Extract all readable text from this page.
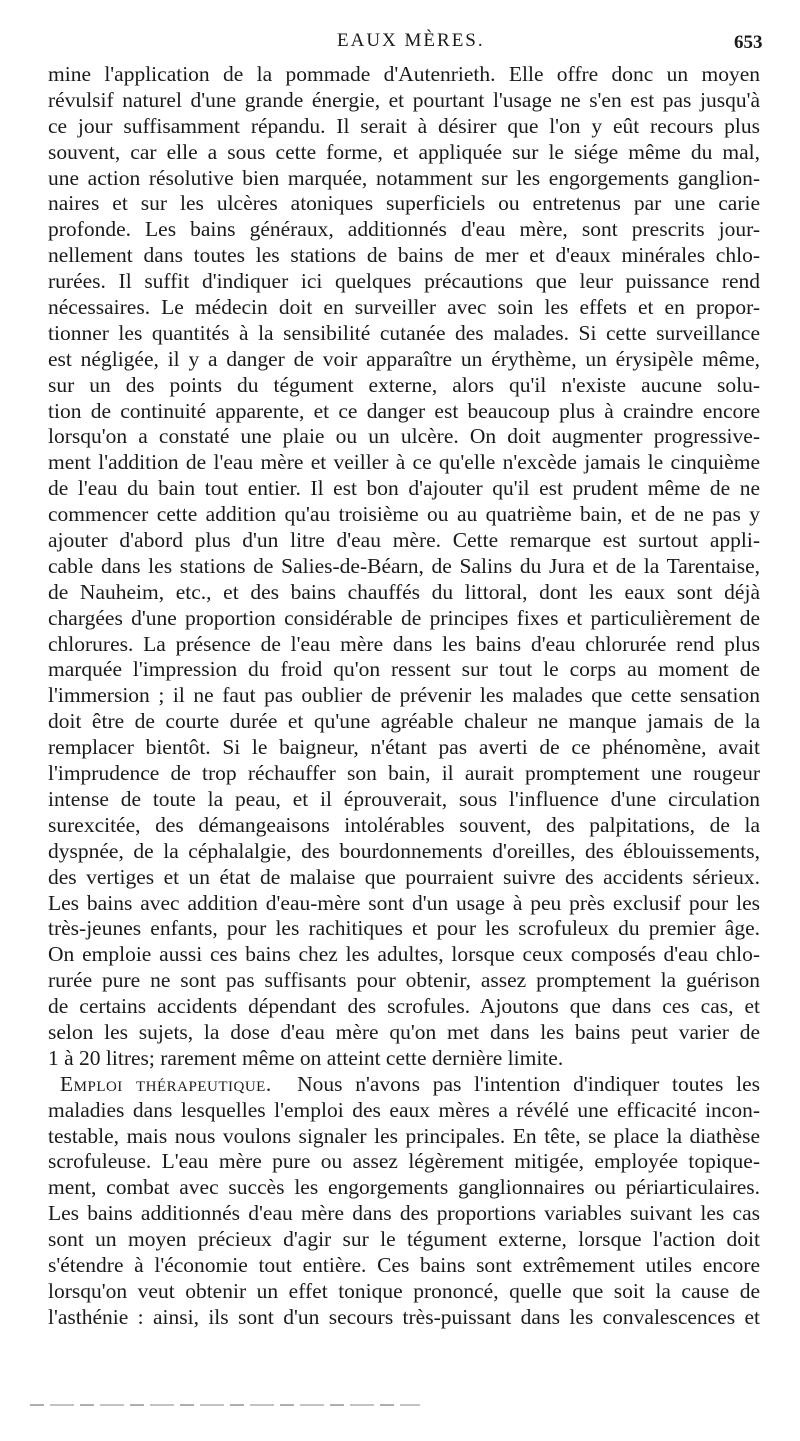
EAUX MÈRES.	653
mine l'application de la pommade d'Autenrieth. Elle offre donc un moyen
révulsif naturel d'une grande énergie, et pourtant l'usage ne s'en est pas jusqu'à
ce jour suffisamment répandu. Il serait à désirer que l'on y eût recours plus
souvent, car elle a sous cette forme, et appliquée sur le siége même du mal,
une action résolutive bien marquée, notamment sur les engorgements ganglion-
naires et sur les ulcères atoniques superficiels ou entretenus par une carie
profonde. Les bains généraux, additionnés d'eau mère, sont prescrits jour-
nellement dans toutes les stations de bains de mer et d'eaux minérales chlo-
rurées. Il suffit d'indiquer ici quelques précautions que leur puissance rend
nécessaires. Le médecin doit en surveiller avec soin les effets et en propor-
tionner les quantités à la sensibilité cutanée des malades. Si cette surveillance
est négligée, il y a danger de voir apparaître un érythème, un érysipèle même,
sur un des points du tégument externe, alors qu'il n'existe aucune solu-
tion de continuité apparente, et ce danger est beaucoup plus à craindre encore
lorsqu'on a constaté une plaie ou un ulcère. On doit augmenter progressive-
ment l'addition de l'eau mère et veiller à ce qu'elle n'excède jamais le cinquième
de l'eau du bain tout entier. Il est bon d'ajouter qu'il est prudent même de ne
commencer cette addition qu'au troisième ou au quatrième bain, et de ne pas y
ajouter d'abord plus d'un litre d'eau mère. Cette remarque est surtout appli-
cable dans les stations de Salies-de-Béarn, de Salins du Jura et de la Tarentaise,
de Nauheim, etc., et des bains chauffés du littoral, dont les eaux sont déjà
chargées d'une proportion considérable de principes fixes et particulièrement de
chlorures. La présence de l'eau mère dans les bains d'eau chlorurée rend plus
marquée l'impression du froid qu'on ressent sur tout le corps au moment de
l'immersion ; il ne faut pas oublier de prévenir les malades que cette sensation
doit être de courte durée et qu'une agréable chaleur ne manque jamais de la
remplacer bientôt. Si le baigneur, n'étant pas averti de ce phénomène, avait
l'imprudence de trop réchauffer son bain, il aurait promptement une rougeur
intense de toute la peau, et il éprouverait, sous l'influence d'une circulation
surexcitée, des démangeaisons intolérables souvent, des palpitations, de la
dyspnée, de la céphalalgie, des bourdonnements d'oreilles, des éblouissements,
des vertiges et un état de malaise que pourraient suivre des accidents sérieux.
Les bains avec addition d'eau-mère sont d'un usage à peu près exclusif pour les
très-jeunes enfants, pour les rachitiques et pour les scrofuleux du premier âge.
On emploie aussi ces bains chez les adultes, lorsque ceux composés d'eau chlo-
rurée pure ne sont pas suffisants pour obtenir, assez promptement la guérison
de certains accidents dépendant des scrofules. Ajoutons que dans ces cas, et
selon les sujets, la dose d'eau mère qu'on met dans les bains peut varier de
1 à 20 litres; rarement même on atteint cette dernière limite.
Emploi thérapeutique. Nous n'avons pas l'intention d'indiquer toutes les
maladies dans lesquelles l'emploi des eaux mères a révélé une efficacité incon-
testable, mais nous voulons signaler les principales. En tête, se place la diathèse
scrofuleuse. L'eau mère pure ou assez légèrement mitigée, employée topique-
ment, combat avec succès les engorgements ganglionnaires ou périarticulaires.
Les bains additionnés d'eau mère dans des proportions variables suivant les cas
sont un moyen précieux d'agir sur le tégument externe, lorsque l'action doit
s'étendre à l'économie tout entière. Ces bains sont extrêmement utiles encore
lorsqu'on veut obtenir un effet tonique prononcé, quelle que soit la cause de
l'asthénie : ainsi, ils sont d'un secours très-puissant dans les convalescences et
